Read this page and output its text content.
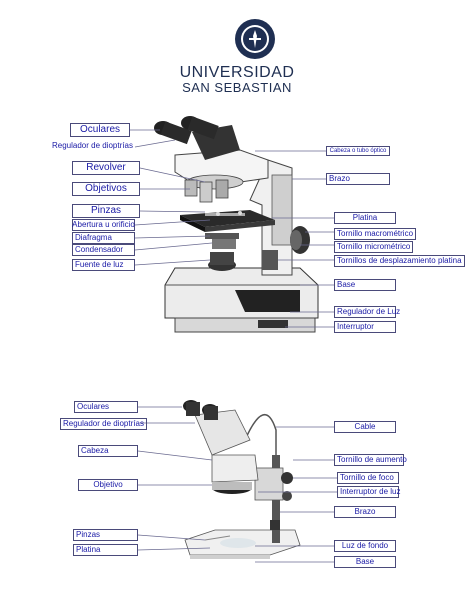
UNIVERSIDAD
SAN SEBASTIAN
Oculares
Regulador de dioptrías
Revolver
Objetivos
Pinzas
Abertura u orificio
Diafragma
Condensador
Fuente de luz
Cabeza o tubo óptico
Brazo
Platina
Tornillo macrométrico
Tornillo micrométrico
Tornillos de desplazamiento platina
Base
Regulador de Luz
Interruptor
Oculares
Regulador de dioptrías
Cabeza
Objetivo
Pinzas
Platina
Cable
Tornillo de aumento
Tornillo de foco
Interruptor de luz
Brazo
Luz de fondo
Base
